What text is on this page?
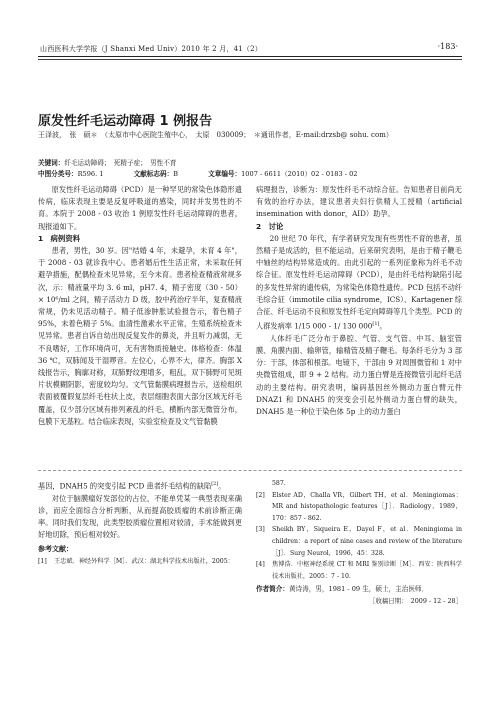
山西医科大学学报（J Shanxi Med Univ）2010 年 2 月，41（2）	·183·
原发性纤毛运动障碍 1 例报告
王泽波，　张　硕＊　（太原市中心医院生殖中心，　太原　030009；　＊通讯作者，E-mail:drzsb@ sohu. com）
关键词：纤毛运动障碍；　死精子症；　男性不育
中图分类号：R596. 1	文献标志码：B	文章编号：1007 - 6611（2010）02 - 0183 - 02

原发性纤毛运动障碍（PCD）是一种罕见的常染色体隐形遗传病，临床表现主要是反复呼吸道的感染，同时并发男性的不育。本院于 2008 - 03 收治 1 例原发性纤毛运动障碍的患者，现报道如下。

1　病例资料

患者，男性，30 岁。因"结婚 4 年，未避孕，未育 4 年"，于 2008 - 03 就诊我中心。患者婚后性生活正常，未采取任何避孕措施，配偶检查未见异常，至今未育。患者检查精液常规多次，示：精液量平均 3. 6 ml，pH7. 4，精子密度（30 - 50）× 10⁶/ml 之间，精子活动力 D 级，胶中药治疗半年，复查精液常规，仍未见活动精子。精子低渗肿胀试验报告示，着色精子 95%，未着色精子 5%。血清性激素水平正常，生殖系统检查未见异常。患者自诉自幼出现反复发作的鼻炎，并且听力减弱，无不良嗜好，工作环境尚可，无有害物质接触史。体格检查：体温 36 ℃，双肺闻及干湿啰音。左位心，心界不大，律齐。胸部 X 线报告示，胸廓对称，双肺野纹理增多，粗乱，双下肺野可见斑片状模糊阴影，密度较均匀。文气管黏膜病理报告示，送检组织表面被覆假复层纤毛柱状上皮，表层细胞表面大部分区域无纤毛覆盖，仅少部分区域有排列紊乱的纤毛，横断内部无微管分布，包膜下无基粒。结合临床表现，实验室检查及文气管黏膜

病理报告，诊断为：原发性纤毛不动综合征。告知患者目前尚无有效的治疗办法，建议患者夫妇行供精人工授精（artificial insemination with donor，AID）助孕。

2　讨论

20 世纪 70 年代，有学者研究发现有些男性不育的患者，虽然精子是成活的，但不能运动，后来研究表明，是由于精子鞭毛中轴丝的结构异常造成的。由此引起的一系列征象称为纤毛不动综合征。原发性纤毛运动障碍（PCD），是由纤毛结构缺陷引起的多发性异常的遗传病，为常染色体隐性遗传。PCD 包括不动纤毛综合征（immotile cilia syndrome，ICS）、Kartagener 综合征、纤毛运动不良和原发性纤毛定向障碍等几个类型。PCD 的人群发病率 1/15 000 - 1/ 130 000[1]。

人体纤毛广泛分布于鼻腔、气管、支气管、中耳、脑室管膜、角膜内面、输卵管，输精管及精子鞭毛。每条纤毛分为 3 部分：干部，体部和根部。电镜下，干部由 9 对周围微管和 1 对中央微管组成，即 9 + 2 结构。动力蛋白臂是连接微管引起纤毛活动的主要结构。研究表明，编码基因丝外侧动力蛋白臂元件 DNAZ1 和 DNAH5 的突变会引起外侧动力蛋白臂的缺失，DNAH5 是一种位于染色体 5p 上的动力蛋白

基因，DNAH5 的突变引起 PCD 患者纤毛结构的缺陷[2]。

对位于脑膜瘤好发部位的占位，不能单凭某一典型表现来确诊，而应全面综合分析判断，从而提高胶质瘤的术前诊断正确率。同时我们发现，此类型胶质瘤位置相对较清，手术能做到更好地切除，预后相对较好。

参考文献：
[1] 王忠斌．神经外科学［M］．武汉：湖北科学技术出版社，2005：
587.
[2] Elster AD，Challa VR，Gilbert TH，et al．Meningiomas：MR and histopathologic features［J］．Radiology，1989，170：857 - 862.
[3] Sheikh BY，Siqueira E，Dayel F，et al．Meningioma in children：a report of nine cases and review of the literature［J］．Surg Neurol，1996，45：328.
[4] 焦博浩．中枢神经系统 CT 和 MRI 鉴别诊断［M］．西安：陕西科学技术出版社，2005：7 - 10.
作者简介：黄诗涛，男，1981 - 09 生，硕士，主治医师．
［收稿日期：　2009 - 12 - 28］
